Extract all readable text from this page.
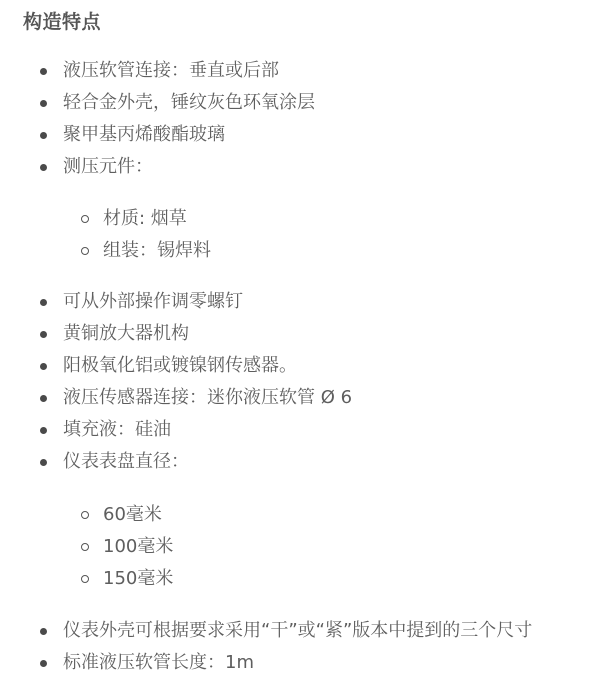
构造特点
液压软管连接：垂直或后部
轻合金外壳，锤纹灰色环氧涂层
聚甲基丙烯酸酯玻璃
测压元件：
材质: 烟草
组装：锡焊料
可从外部操作调零螺钉
黄铜放大器机构
阳极氧化铝或镀镍钢传感器。
液压传感器连接：迷你液压软管 Ø 6
填充液：硅油
仪表表盘直径：
60毫米
100毫米
150毫米
仪表外壳可根据要求采用“干”或“紧”版本中提到的三个尺寸
标准液压软管长度：1m
